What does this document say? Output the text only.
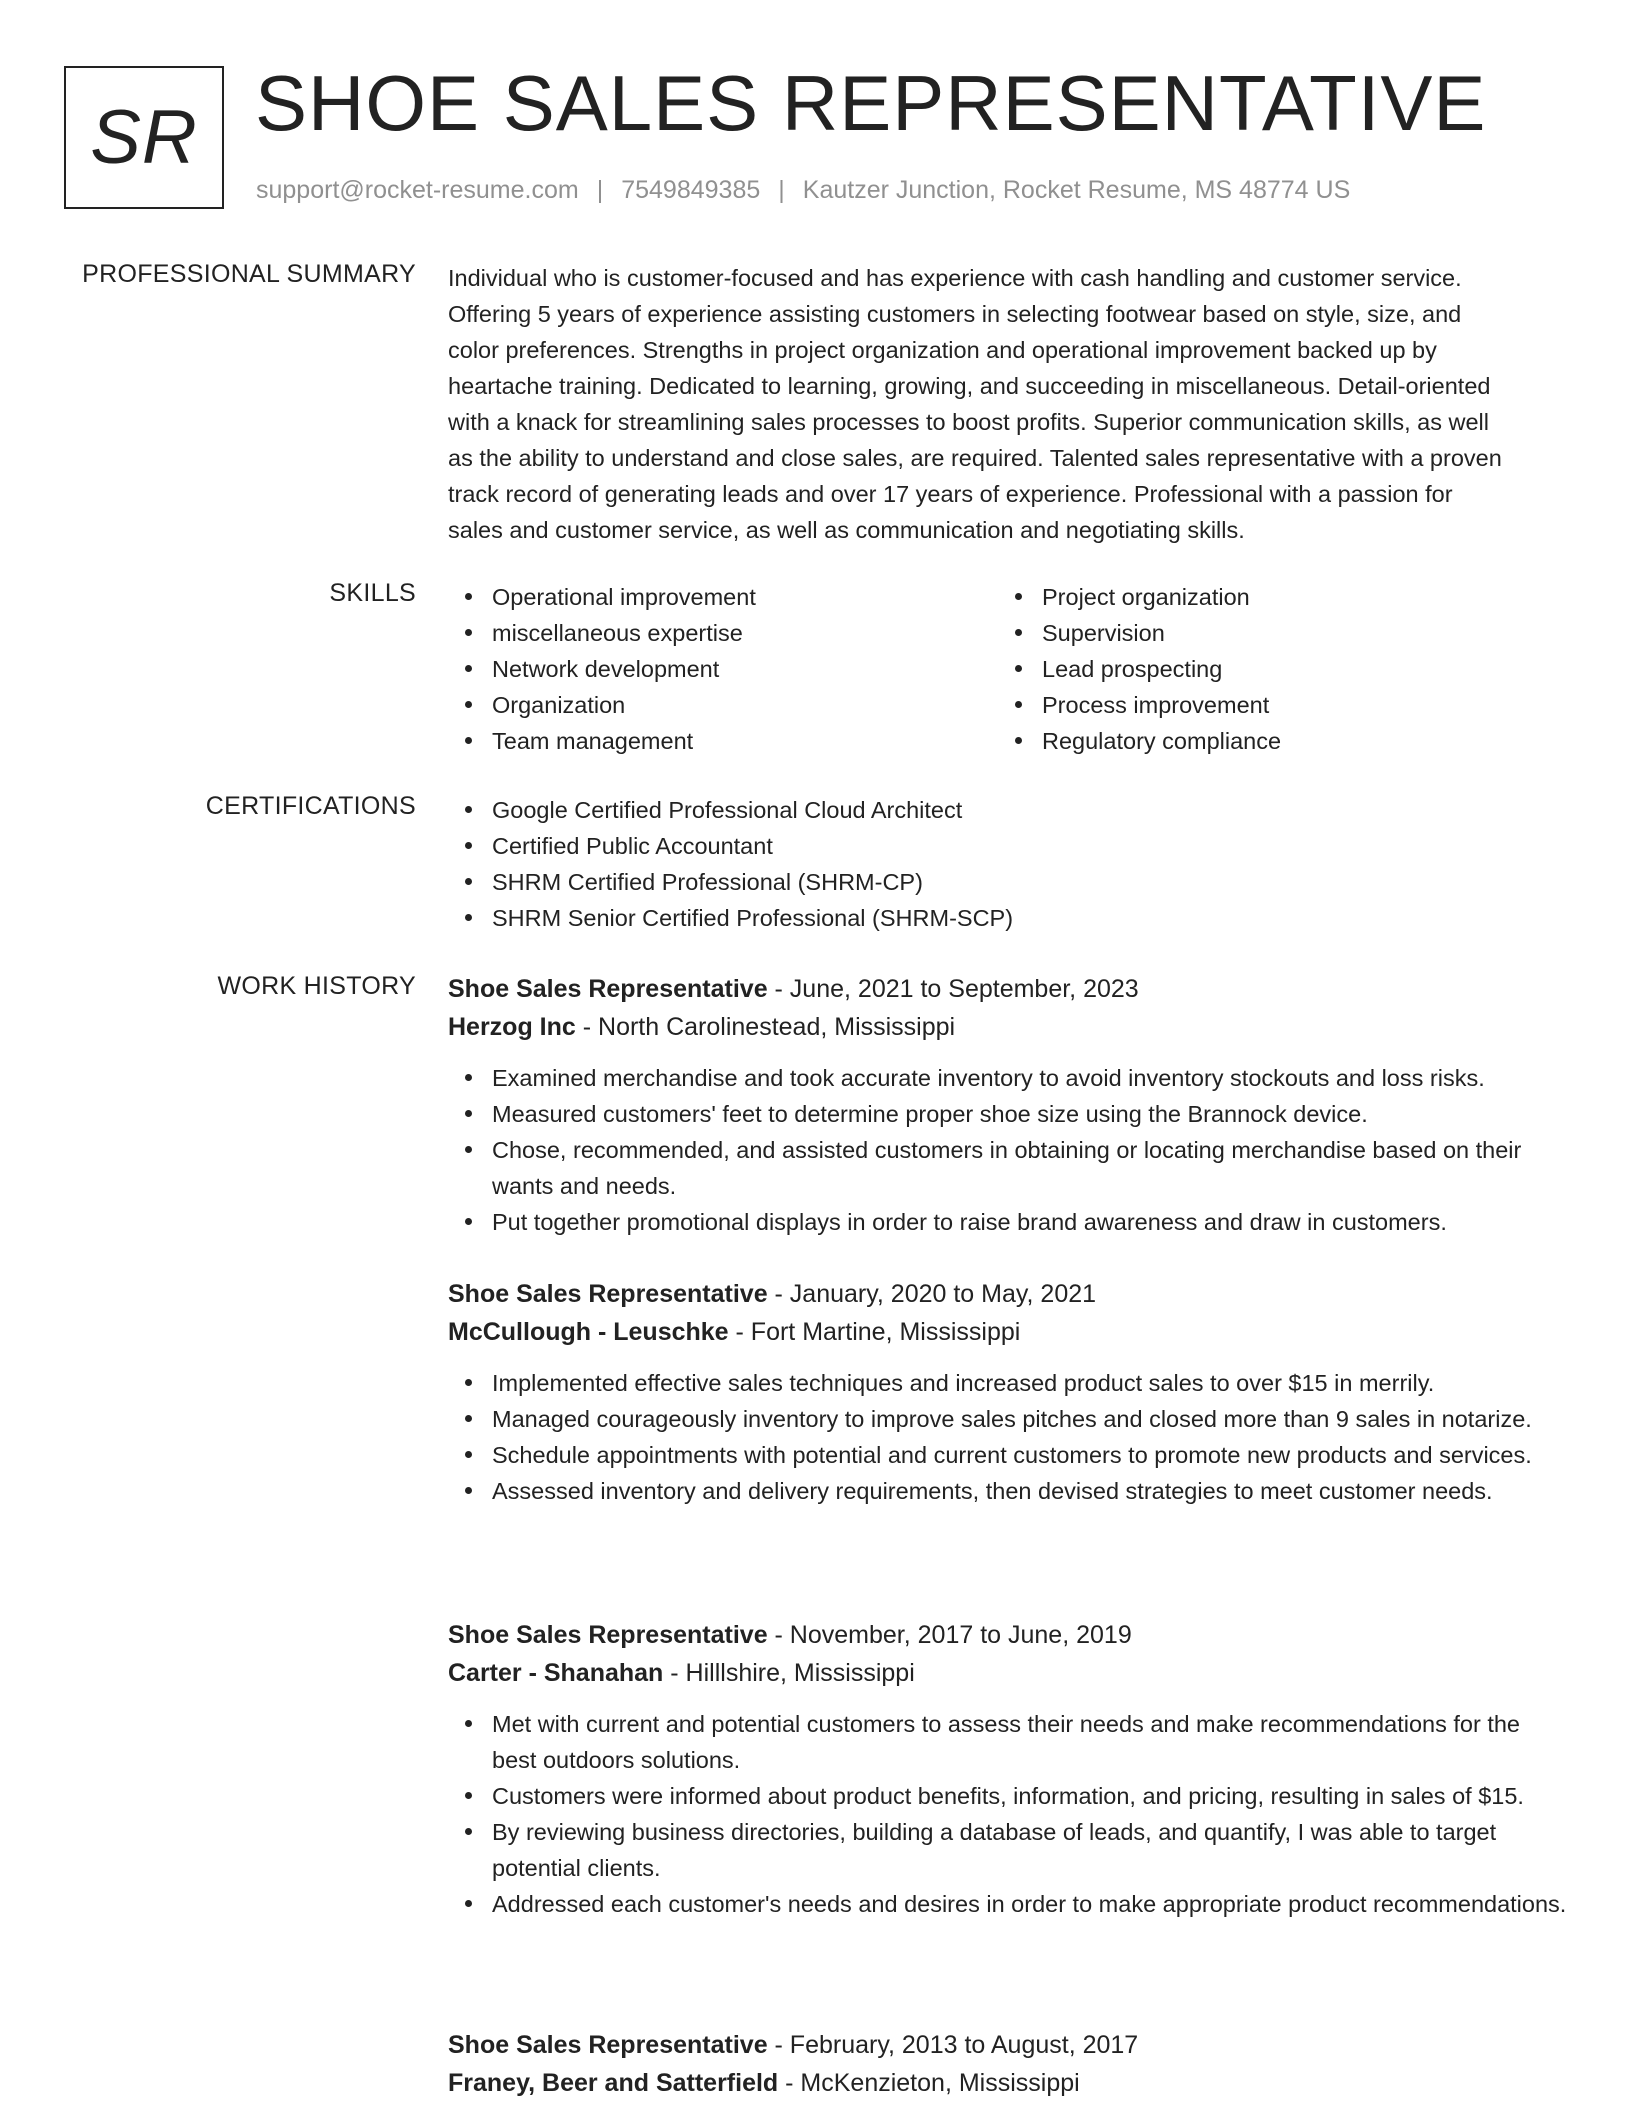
SR SHOE SALES REPRESENTATIVE
support@rocket-resume.com | 7549849385 | Kautzer Junction, Rocket Resume, MS 48774 US
PROFESSIONAL SUMMARY Individual who is customer-focused and has experience with cash handling and customer service.
Offering 5 years of experience assisting customers in selecting footwear based on style, size, and
color preferences. Strengths in project organization and operational improvement backed up by
heartache training. Dedicated to learning, growing, and succeeding in miscellaneous. Detail-oriented
with a knack for streamlining sales processes to boost profits. Superior communication skills, as well
as the ability to understand and close sales, are required. Talented sales representative with a proven
track record of generating leads and over 17 years of experience. Professional with a passion for
sales and customer service, as well as communication and negotiating skills.
SKILLS	Operational improvement
miscellaneous expertise
Network development
Organization
Team management
Project organization
Supervision
Lead prospecting
Process improvement
Regulatory compliance
CERTIFICATIONS	Google Certified Professional Cloud Architect
Certified Public Accountant
SHRM Certified Professional (SHRM-CP)
SHRM Senior Certified Professional (SHRM-SCP)
WORK HISTORY Shoe Sales Representative - June, 2021 to September, 2023
Herzog Inc - North Carolinestead, Mississippi
Examined merchandise and took accurate inventory to avoid inventory stockouts and loss risks.
Measured customers' feet to determine proper shoe size using the Brannock device.
Chose, recommended, and assisted customers in obtaining or locating merchandise based on their wants and needs.
Put together promotional displays in order to raise brand awareness and draw in customers.
Shoe Sales Representative - January, 2020 to May, 2021
McCullough - Leuschke - Fort Martine, Mississippi
Implemented effective sales techniques and increased product sales to over $15 in merrily.
Managed courageously inventory to improve sales pitches and closed more than 9 sales in notarize.
Schedule appointments with potential and current customers to promote new products and services.
Assessed inventory and delivery requirements, then devised strategies to meet customer needs.
Shoe Sales Representative - November, 2017 to June, 2019
Carter - Shanahan - Hilllshire, Mississippi
Met with current and potential customers to assess their needs and make recommendations for the best outdoors solutions.
Customers were informed about product benefits, information, and pricing, resulting in sales of $15.
By reviewing business directories, building a database of leads, and quantify, I was able to target potential clients.
Addressed each customer's needs and desires in order to make appropriate product recommendations.
Shoe Sales Representative - February, 2013 to August, 2017
Franey, Beer and Satterfield - McKenzieton, Mississippi
